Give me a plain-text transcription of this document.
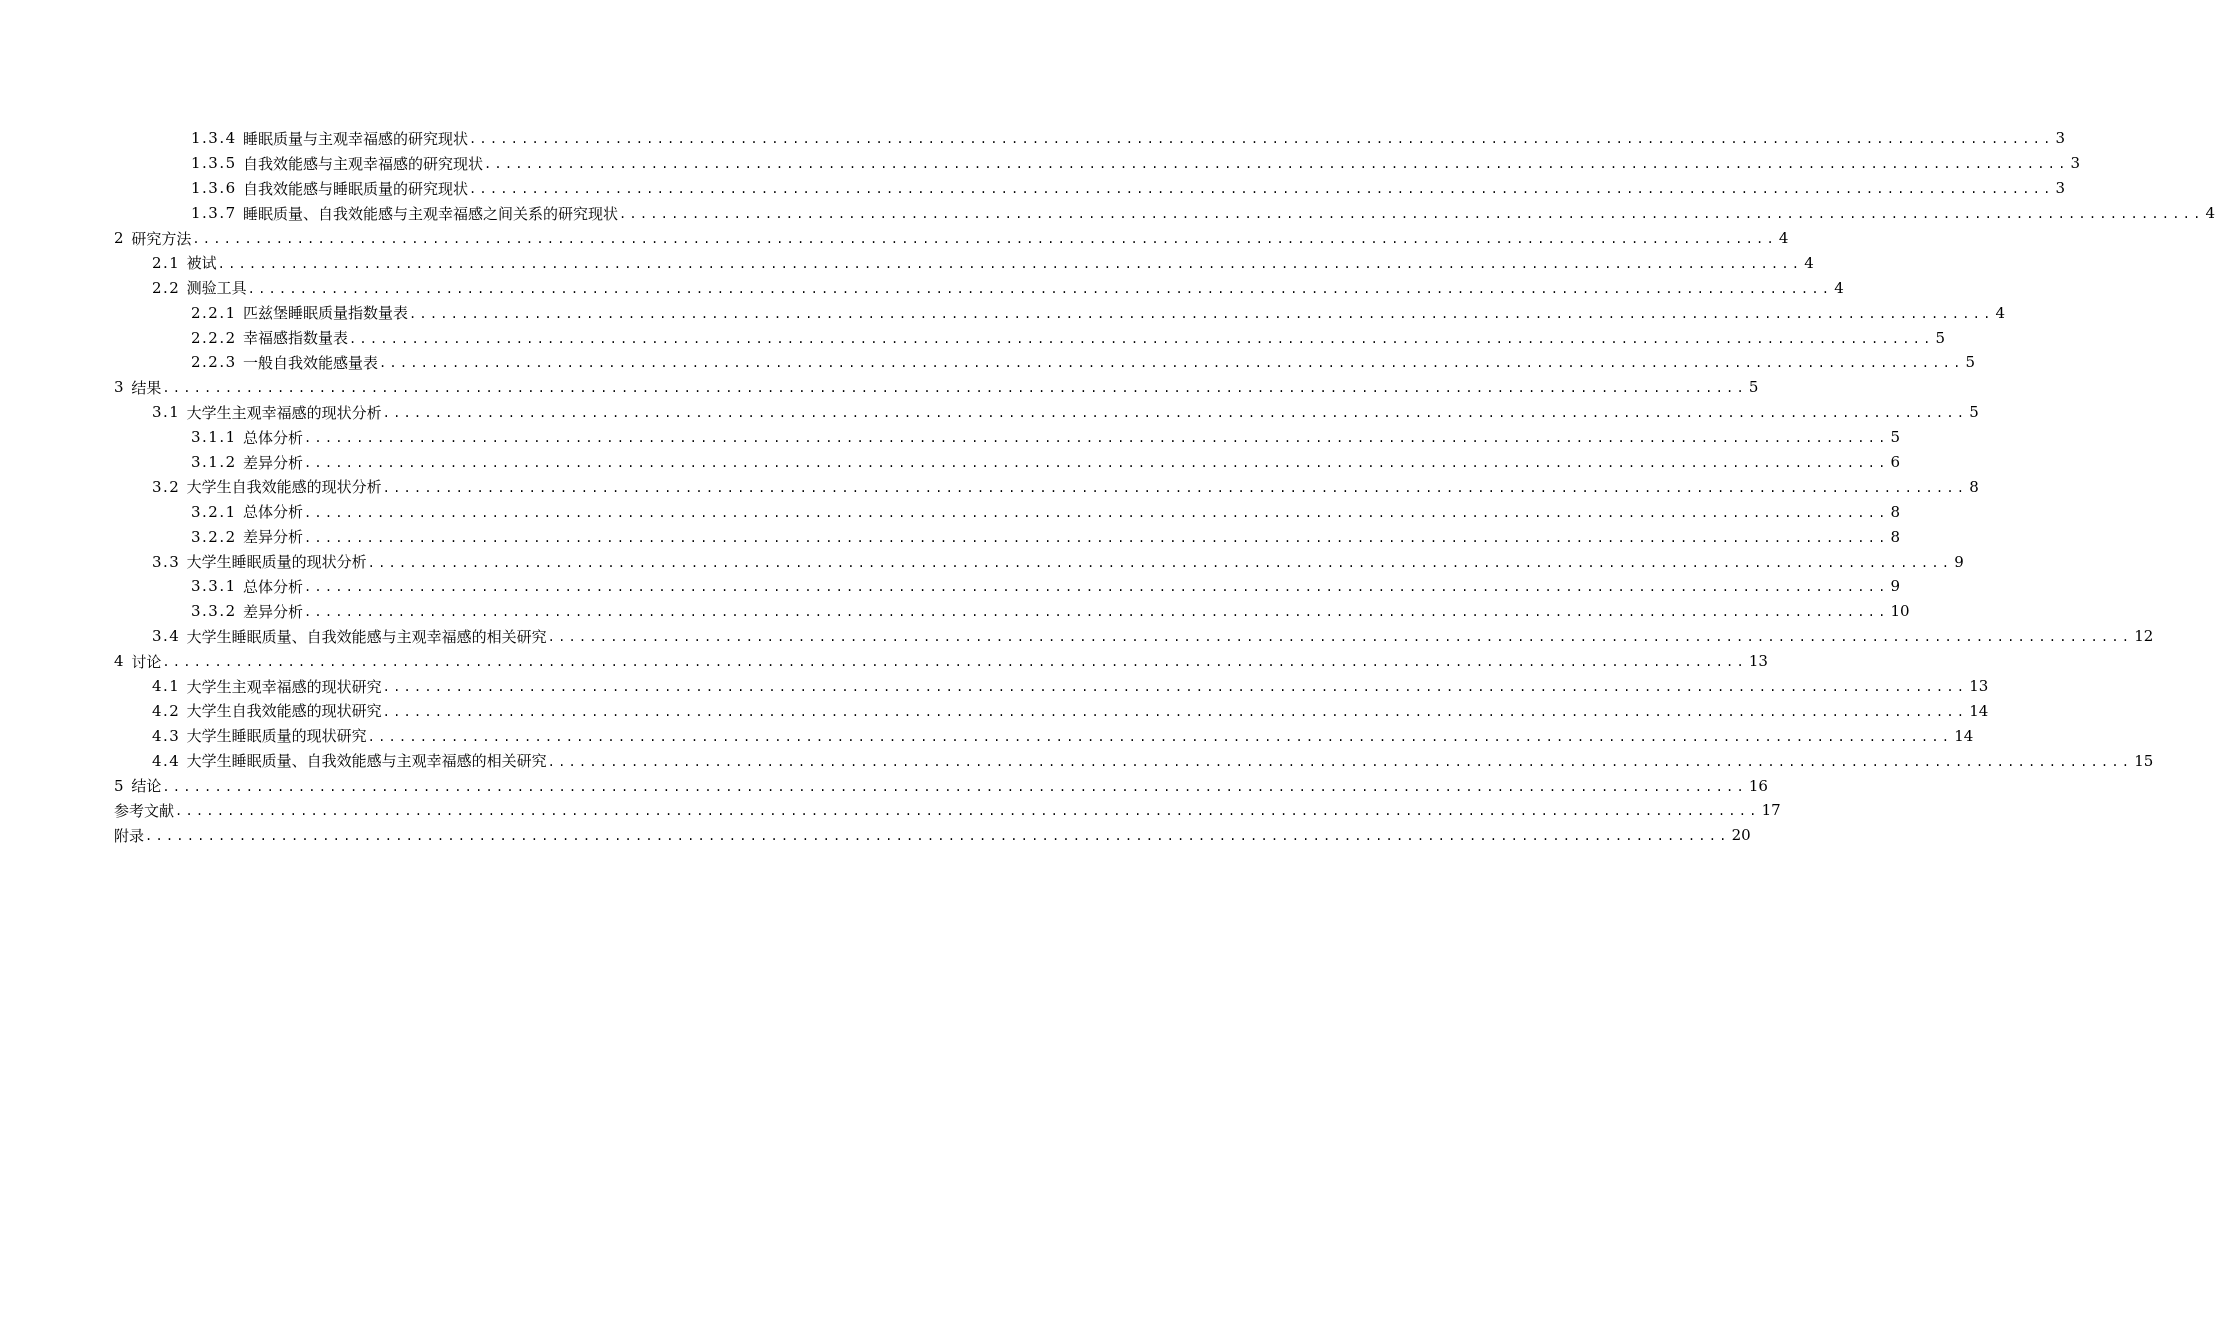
1.3.4
睡眠质量与主观幸福感的研究现状 ........................................................................................................................................................ 3
1.3.5
自我效能感与主观幸福感的研究现状 ........................................................................................................................................................ 3
1.3.6
自我效能感与睡眠质量的研究现状 ........................................................................................................................................................ 3
1.3.7
睡眠质量、自我效能感与主观幸福感之间关系的研究现状 ........................................................................................................................................................ 4
2
研究方法 ........................................................................................................................................................ 4
2.1
被试 ........................................................................................................................................................ 4
2.2
测验工具 ........................................................................................................................................................ 4
2.2.1
匹兹堡睡眠质量指数量表 ........................................................................................................................................................ 4
2.2.2
幸福感指数量表 ........................................................................................................................................................ 5
2.2.3
一般自我效能感量表 ........................................................................................................................................................ 5
3
结果 ........................................................................................................................................................ 5
3.1
大学生主观幸福感的现状分析 ........................................................................................................................................................ 5
3.1.1
总体分析 ........................................................................................................................................................ 5
3.1.2
差异分析 ........................................................................................................................................................ 6
3.2
大学生自我效能感的现状分析 ........................................................................................................................................................ 8
3.2.1
总体分析 ........................................................................................................................................................ 8
3.2.2
差异分析 ........................................................................................................................................................ 8
3.3
大学生睡眠质量的现状分析 ........................................................................................................................................................ 9
3.3.1
总体分析 ........................................................................................................................................................ 9
3.3.2
差异分析 ........................................................................................................................................................ 10
3.4
大学生睡眠质量、自我效能感与主观幸福感的相关研究 ........................................................................................................................................................ 12
4
讨论 ........................................................................................................................................................ 13
4.1
大学生主观幸福感的现状研究 ........................................................................................................................................................ 13
4.2
大学生自我效能感的现状研究 ........................................................................................................................................................ 14
4.3
大学生睡眠质量的现状研究 ........................................................................................................................................................ 14
4.4
大学生睡眠质量、自我效能感与主观幸福感的相关研究 ........................................................................................................................................................ 15
5
结论 ........................................................................................................................................................ 16
参考文献 ........................................................................................................................................................ 17
附录 ........................................................................................................................................................ 20
